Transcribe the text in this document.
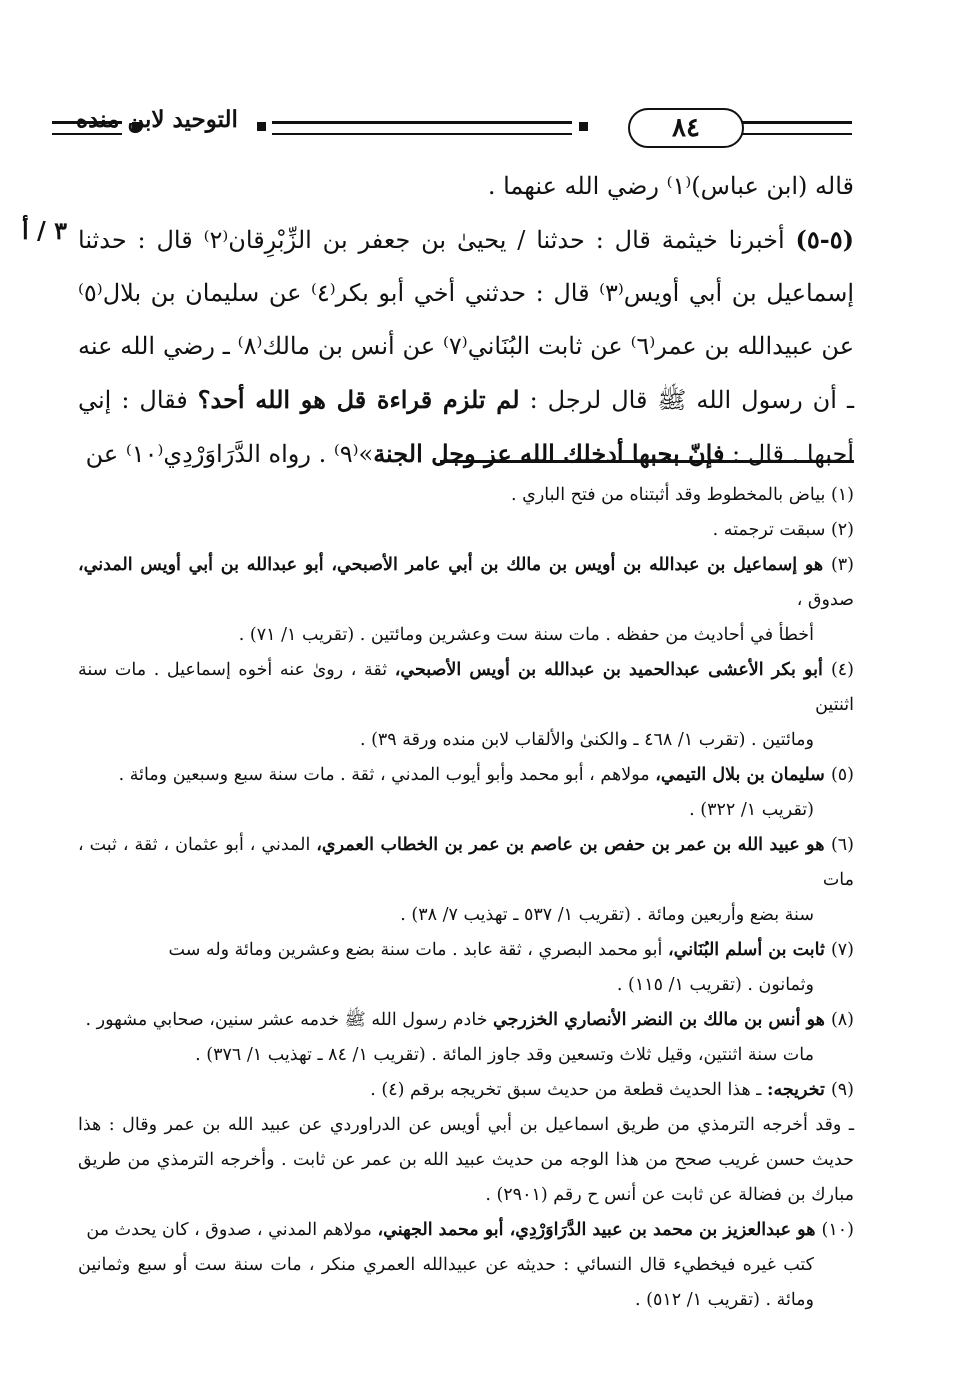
التوحيد لابن منده	٨٤
٣ / أ

قاله (ابن عباس)⁽١⁾ رضي الله عنهما .

(٥-٥) أخبرنا خيثمة قال : حدثنا / يحيىٰ بن جعفر بن الزِّبْرِقان⁽٢⁾ قال : حدثنا إسماعيل بن أبي أويس⁽٣⁾ قال : حدثني أخي أبو بكر⁽٤⁾ عن سليمان بن بلال⁽٥⁾ عن عبيدالله بن عمر⁽٦⁾ عن ثابت البُنَاني⁽٧⁾ عن أنس بن مالك⁽٨⁾ ـ رضي الله عنه ـ أن رسول الله ﷺ قال لرجل : لم تلزم قراءة قل هو الله أحد؟ فقال : إني أحبها . قال : فإنّ بحبها أدخلك الله عز وجل الجنة»⁽٩⁾ . رواه الدَّرَاوَرْدِي⁽١٠⁾ عن

(١) بياض بالمخطوط وقد أثبتناه من فتح الباري .

(٢) سبقت ترجمته .

(٣) هو إسماعيل بن عبدالله بن أويس بن مالك بن أبي عامر الأصبحي، أبو عبدالله بن أبي أويس المدني، صدوق ،
أخطأ في أحاديث من حفظه . مات سنة ست وعشرين ومائتين . (تقريب ١/ ٧١) .

(٤) أبو بكر الأعشى عبدالحميد بن عبدالله بن أويس الأصبحي، ثقة ، روىٰ عنه أخوه إسماعيل . مات سنة اثنتين
ومائتين . (تقرب ١/ ٤٦٨ ـ والكنىٰ والألقاب لابن منده ورقة ٣٩) .

(٥) سليمان بن بلال التيمي، مولاهم ، أبو محمد وأبو أيوب المدني ، ثقة . مات سنة سبع وسبعين ومائة .
(تقريب ١/ ٣٢٢) .

(٦) هو عبيد الله بن عمر بن حفص بن عاصم بن عمر بن الخطاب العمري، المدني ، أبو عثمان ، ثقة ، ثبت ، مات
سنة بضع وأربعين ومائة . (تقريب ١/ ٥٣٧ ـ تهذيب ٧/ ٣٨) .

(٧) ثابت بن أسلم البُنَاني، أبو محمد البصري ، ثقة عابد . مات سنة بضع وعشرين ومائة وله ست
وثمانون . (تقريب ١/ ١١٥) .

(٨) هو أنس بن مالك بن النضر الأنصاري الخزرجي خادم رسول الله ﷺ خدمه عشر سنين، صحابي مشهور .
مات سنة اثنتين، وقيل ثلاث وتسعين وقد جاوز المائة . (تقريب ١/ ٨٤ ـ تهذيب ١/ ٣٧٦) .

(٩) تخريجه: ـ هذا الحديث قطعة من حديث سبق تخريجه برقم (٤) .
ـ وقد أخرجه الترمذي من طريق اسماعيل بن أبي أويس عن الدراوردي عن عبيد الله بن عمر وقال : هذا حديث حسن غريب صحح من هذا الوجه من حديث عبيد الله بن عمر عن ثابت . وأخرجه الترمذي من طريق مبارك بن فضالة عن ثابت عن أنس ح رقم (٢٩٠١) .

(١٠) هو عبدالعزيز بن محمد بن عبيد الدَّرَاوَرْدِي، أبو محمد الجهني، مولاهم المدني ، صدوق ، كان يحدث من
كتب غيره فيخطيء قال النسائي : حديثه عن عبيدالله العمري منكر ، مات سنة ست أو سبع وثمانين ومائة . (تقريب ١/ ٥١٢) .
